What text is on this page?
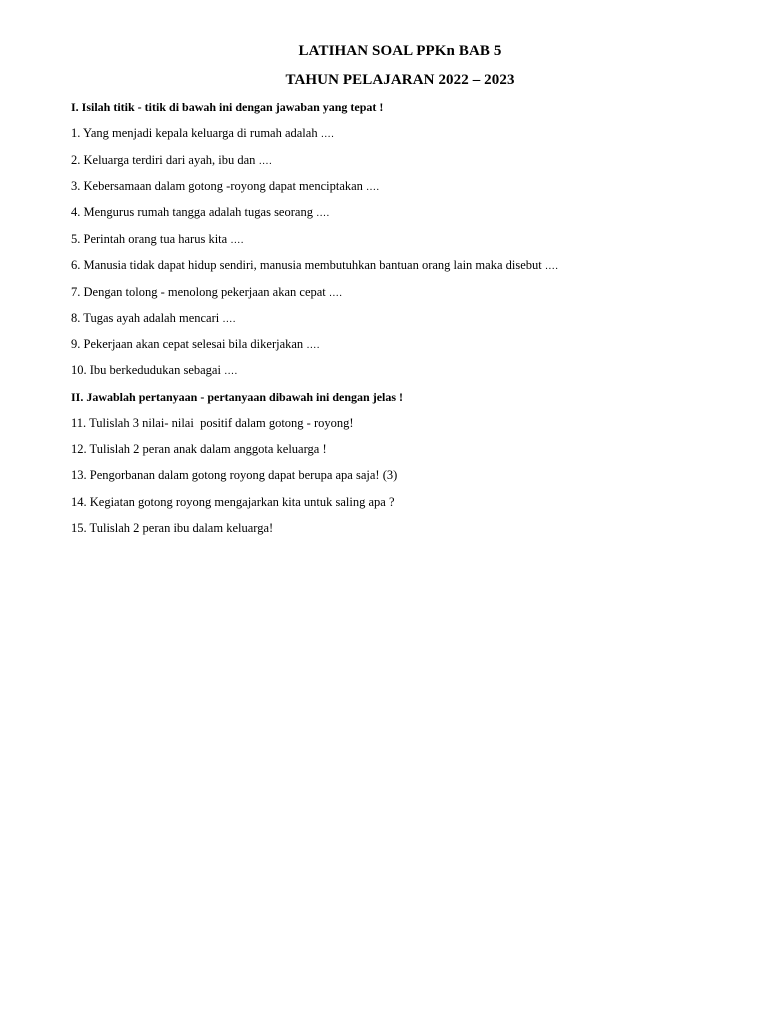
LATIHAN SOAL PPKn BAB 5
TAHUN PELAJARAN 2022 – 2023
I. Isilah titik - titik di bawah ini dengan jawaban yang tepat !
1. Yang menjadi kepala keluarga di rumah adalah ….
2. Keluarga terdiri dari ayah, ibu dan ….
3. Kebersamaan dalam gotong -royong dapat menciptakan ….
4. Mengurus rumah tangga adalah tugas seorang ….
5. Perintah orang tua harus kita ….
6. Manusia tidak dapat hidup sendiri, manusia membutuhkan bantuan orang lain maka disebut ….
7. Dengan tolong - menolong pekerjaan akan cepat ….
8. Tugas ayah adalah mencari ….
9. Pekerjaan akan cepat selesai bila dikerjakan ….
10. Ibu berkedudukan sebagai ….
II. Jawablah pertanyaan - pertanyaan dibawah ini dengan jelas !
11. Tulislah 3 nilai- nilai  positif dalam gotong - royong!
12. Tulislah 2 peran anak dalam anggota keluarga !
13. Pengorbanan dalam gotong royong dapat berupa apa saja! (3)
14. Kegiatan gotong royong mengajarkan kita untuk saling apa ?
15. Tulislah 2 peran ibu dalam keluarga!
